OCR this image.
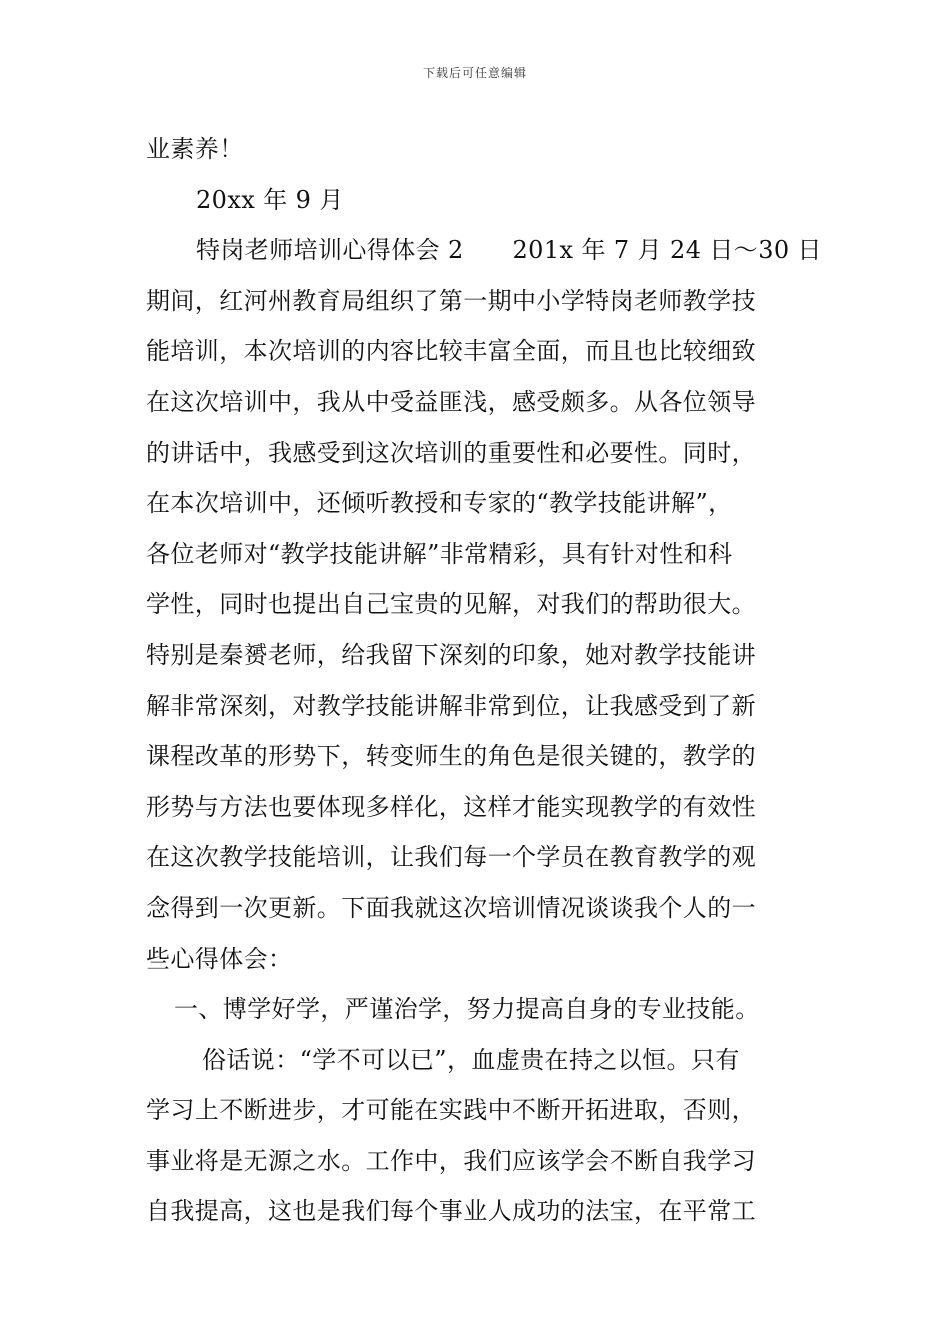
下载后可任意编辑
业素养！
20xx 年 9 月
特岗老师培训心得体会 2　　201x 年 7 月 24 日～30 日
期间，红河州教育局组织了第一期中小学特岗老师教学技
能培训，本次培训的内容比较丰富全面，而且也比较细致
在这次培训中，我从中受益匪浅，感受颇多。从各位领导
的讲话中，我感受到这次培训的重要性和必要性。同时，
在本次培训中，还倾听教授和专家的“教学技能讲解”，
各位老师对“教学技能讲解”非常精彩，具有针对性和科
学性，同时也提出自己宝贵的见解，对我们的帮助很大。
特别是秦赟老师，给我留下深刻的印象，她对教学技能讲
解非常深刻，对教学技能讲解非常到位，让我感受到了新
课程改革的形势下，转变师生的角色是很关键的，教学的
形势与方法也要体现多样化，这样才能实现教学的有效性
在这次教学技能培训，让我们每一个学员在教育教学的观
念得到一次更新。下面我就这次培训情况谈谈我个人的一
些心得体会：
一、博学好学，严谨治学，努力提高自身的专业技能。
俗话说：“学不可以已”，血虚贵在持之以恒。只有
学习上不断进步，才可能在实践中不断开拓进取，否则，
事业将是无源之水。工作中，我们应该学会不断自我学习
自我提高，这也是我们每个事业人成功的法宝，在平常工
